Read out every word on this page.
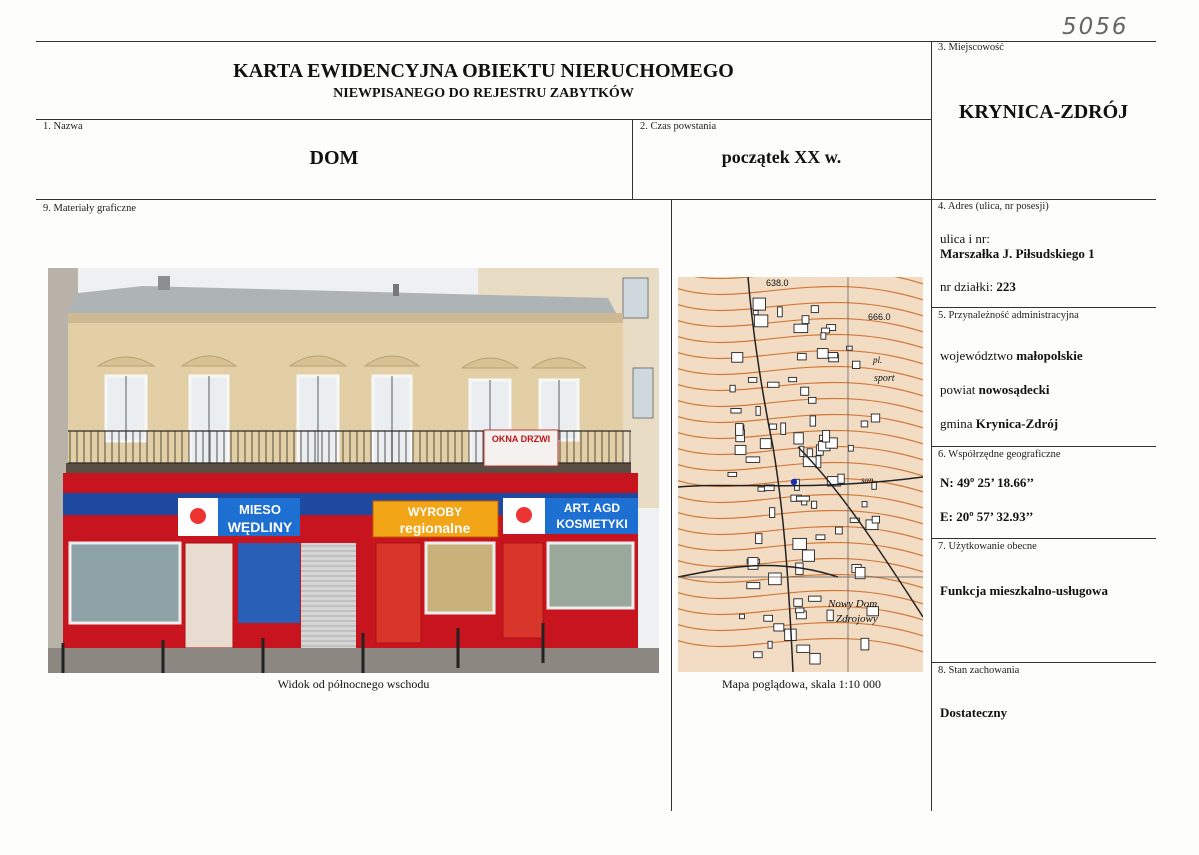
5056
KARTA EWIDENCYJNA OBIEKTU NIERUCHOMEGO
NIEWPISANEGO DO REJESTRU ZABYTKÓW
3. Miejscowość
KRYNICA-ZDRÓJ
1. Nazwa
DOM
2. Czas powstania
początek XX w.
9. Materiały graficzne	4. Adres (ulica, nr posesji)
ulica i nr:
Marszałka J. Piłsudskiego 1
nr działki: 223
5. Przynależność administracyjna
województwo małopolskie
powiat nowosądecki
gmina Krynica-Zdrój
6. Współrzędne geograficzne
N: 49º 25’ 18.66’’
E: 20º 57’ 32.93’’
7. Użytkowanie obecne
Funkcja mieszkalno-usługowa
8. Stan zachowania
Dostateczny
OKNA DRZWI
MIESO
WĘDLINY
WYROBY
regionalne
ART. AGD
KOSMETYKI
Widok od północnego wschodu
638.0
666.0
sport
san.
pl.
Nowy Dom
Zdrojowy
Mapa poglądowa, skala 1:10 000
